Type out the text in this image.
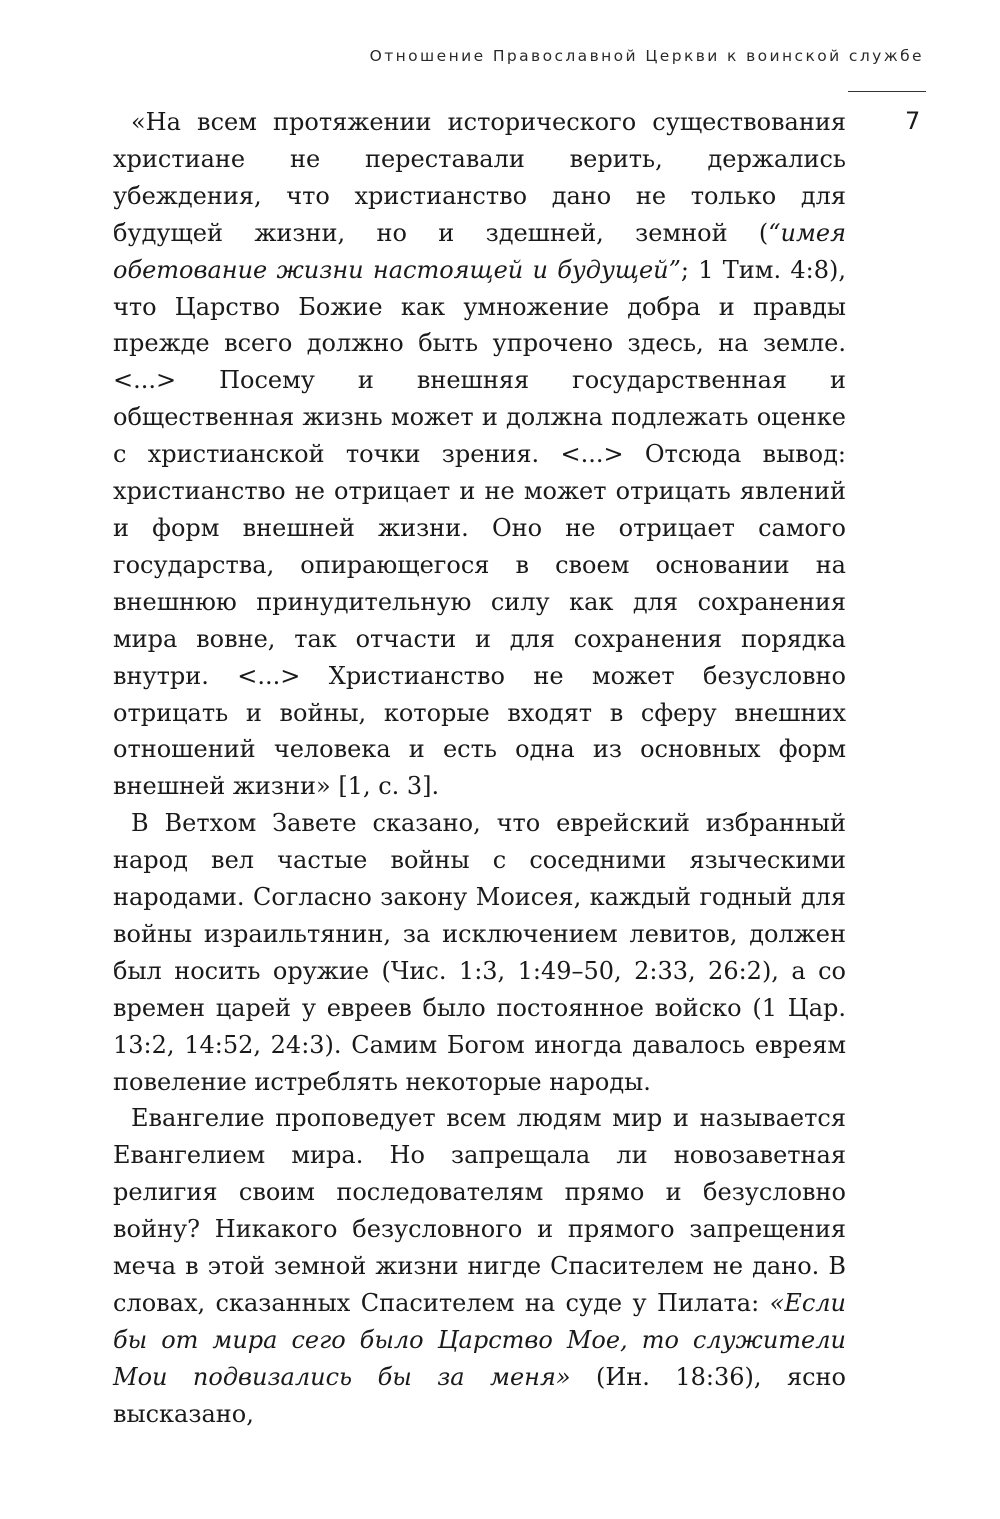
Отношение Православной Церкви к воинской службе
7

«На всем протяжении исторического существования христиане не переставали верить, держались убеждения, что христианство дано не только для будущей жизни, но и здешней, земной (“имея обетование жизни настоящей и будущей”; 1 Тим. 4:8), что Царство Божие как умножение добра и правды прежде всего должно быть упрочено здесь, на земле. <...> Посему и внешняя государственная и общественная жизнь может и должна подлежать оценке с христианской точки зрения. <...> Отсюда вывод: христианство не отрицает и не может отрицать явлений и форм внешней жизни. Оно не отрицает самого государства, опирающегося в своем основании на внешнюю принудительную силу как для сохранения мира вовне, так отчасти и для сохранения порядка внутри. <...> Христианство не может безусловно отрицать и войны, которые входят в сферу внешних отношений человека и есть одна из основных форм внешней жизни» [1, с. 3].

В Ветхом Завете сказано, что еврейский избранный народ вел частые войны с соседними языческими народами. Согласно закону Моисея, каждый годный для войны израильтянин, за исключением левитов, должен был носить оружие (Чис. 1:3, 1:49–50, 2:33, 26:2), а со времен царей у евреев было постоянное войско (1 Цар. 13:2, 14:52, 24:3). Самим Богом иногда давалось евреям повеление истреблять некоторые народы.

Евангелие проповедует всем людям мир и называется Евангелием мира. Но запрещала ли новозаветная религия своим последователям прямо и безусловно войну? Никакого безусловного и прямого запрещения меча в этой земной жизни нигде Спасителем не дано. В словах, сказанных Спасителем на суде у Пилата: «Если бы от мира сего было Царство Мое, то служители Мои подвизались бы за меня» (Ин. 18:36), ясно высказано,
